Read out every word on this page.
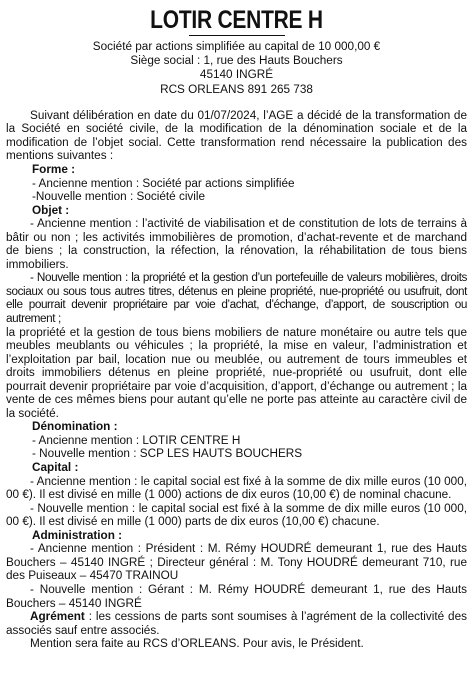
LOTIR CENTRE H
Société par actions simplifiée au capital de 10 000,00 €
Siège social : 1, rue des Hauts Bouchers
45140 INGRÉ
RCS ORLEANS 891 265 738

Suivant délibération en date du 01/07/2024, l’AGE a décidé de la transformation de la Société en société civile, de la modification de la dénomination sociale et de la modification de l’objet social. Cette transformation rend nécessaire la publication des mentions suivantes :

Forme :
- Ancienne mention : Société par actions simplifiée
-Nouvelle mention : Société civile
Objet :

- Ancienne mention : l’activité de viabilisation et de constitution de lots de terrains à bâtir ou non ; les activités immobilières de promotion, d’achat-revente et de marchand de biens ; la construction, la réfection, la rénovation, la réhabilitation de tous biens immobiliers.

- Nouvelle mention : la propriété et la gestion d’un portefeuille de valeurs mobilières, droits sociaux ou sous tous autres titres, détenus en pleine propriété, nue-propriété ou usufruit, dont elle pourrait devenir propriétaire par voie d’achat, d’échange, d’apport, de souscription ou autrement ;

la propriété et la gestion de tous biens mobiliers de nature monétaire ou autre tels que meubles meublants ou véhicules ; la propriété, la mise en valeur, l’administration et l’exploitation par bail, location nue ou meublée, ou autrement de tours immeubles et droits immobiliers détenus en pleine propriété, nue-propriété ou usufruit, dont elle pourrait devenir propriétaire par voie d’acquisition, d’apport, d’échange ou autrement ; la vente de ces mêmes biens pour autant qu’elle ne porte pas atteinte au caractère civil de la société.

Dénomination :
- Ancienne mention : LOTIR CENTRE H
- Nouvelle mention : SCP LES HAUTS BOUCHERS
Capital :

- Ancienne mention : le capital social est fixé à la somme de dix mille euros (10 000, 00 €). Il est divisé en mille (1 000) actions de dix euros (10,00 €) de nominal chacune.

- Nouvelle mention : le capital social est fixé à la somme de dix mille euros (10 000, 00 €). Il est divisé en mille (1 000) parts de dix euros (10,00 €) chacune.

Administration :

- Ancienne mention : Président : M. Rémy HOUDRÉ demeurant 1, rue des Hauts Bouchers – 45140 INGRÉ ; Directeur général : M. Tony HOUDRÉ demeurant 710, rue des Puiseaux – 45470 TRAINOU

- Nouvelle mention : Gérant : M. Rémy HOUDRÉ demeurant 1, rue des Hauts Bouchers – 45140 INGRÉ

Agrément : les cessions de parts sont soumises à l’agrément de la collectivité des associés sauf entre associés.

Mention sera faite au RCS d’ORLEANS. Pour avis, le Président.
